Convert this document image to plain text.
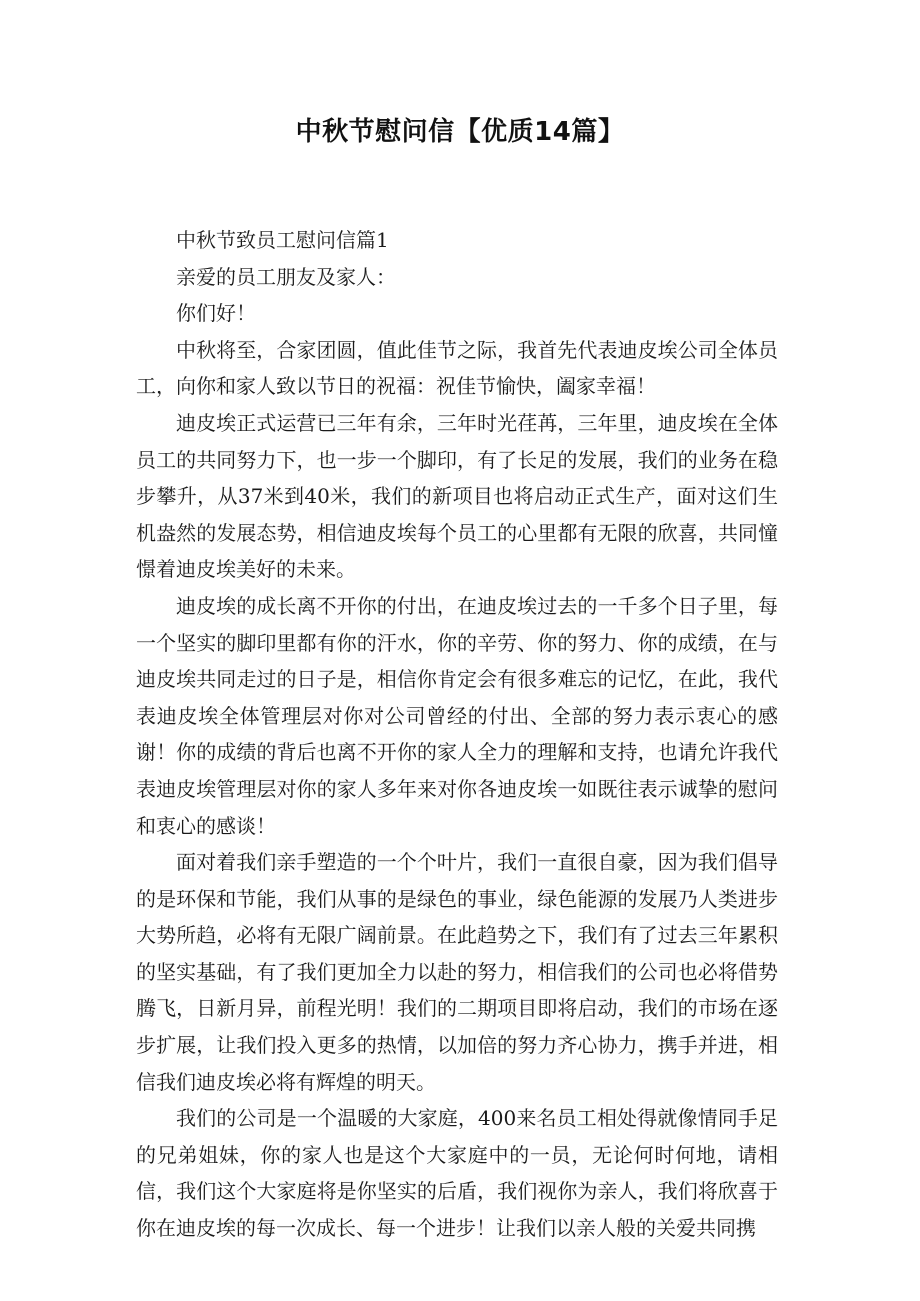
中秋节慰问信【优质14篇】

中秋节致员工慰问信篇1

亲爱的员工朋友及家人：

你们好！

中秋将至，合家团圆，值此佳节之际，我首先代表迪皮埃公司全体员工，向你和家人致以节日的祝福：祝佳节愉快，阖家幸福！

迪皮埃正式运营已三年有余，三年时光荏苒，三年里，迪皮埃在全体员工的共同努力下，也一步一个脚印，有了长足的发展，我们的业务在稳步攀升，从37米到40米，我们的新项目也将启动正式生产，面对这们生机盎然的发展态势，相信迪皮埃每个员工的心里都有无限的欣喜，共同憧憬着迪皮埃美好的未来。

迪皮埃的成长离不开你的付出，在迪皮埃过去的一千多个日子里，每一个坚实的脚印里都有你的汗水，你的辛劳、你的努力、你的成绩，在与迪皮埃共同走过的日子是，相信你肯定会有很多难忘的记忆，在此，我代表迪皮埃全体管理层对你对公司曾经的付出、全部的努力表示衷心的感谢！你的成绩的背后也离不开你的家人全力的理解和支持，也请允许我代表迪皮埃管理层对你的家人多年来对你各迪皮埃一如既往表示诚挚的慰问和衷心的感谈！

面对着我们亲手塑造的一个个叶片，我们一直很自豪，因为我们倡导的是环保和节能，我们从事的是绿色的事业，绿色能源的发展乃人类进步大势所趋，必将有无限广阔前景。在此趋势之下，我们有了过去三年累积的坚实基础，有了我们更加全力以赴的努力，相信我们的公司也必将借势腾飞，日新月异，前程光明！我们的二期项目即将启动，我们的市场在逐步扩展，让我们投入更多的热情，以加倍的努力齐心协力，携手并进，相信我们迪皮埃必将有辉煌的明天。

我们的公司是一个温暖的大家庭，400来名员工相处得就像情同手足的兄弟姐妹，你的家人也是这个大家庭中的一员，无论何时何地，请相信，我们这个大家庭将是你坚实的后盾，我们视你为亲人，我们将欣喜于你在迪皮埃的每一次成长、每一个进步！让我们以亲人般的关爱共同携
